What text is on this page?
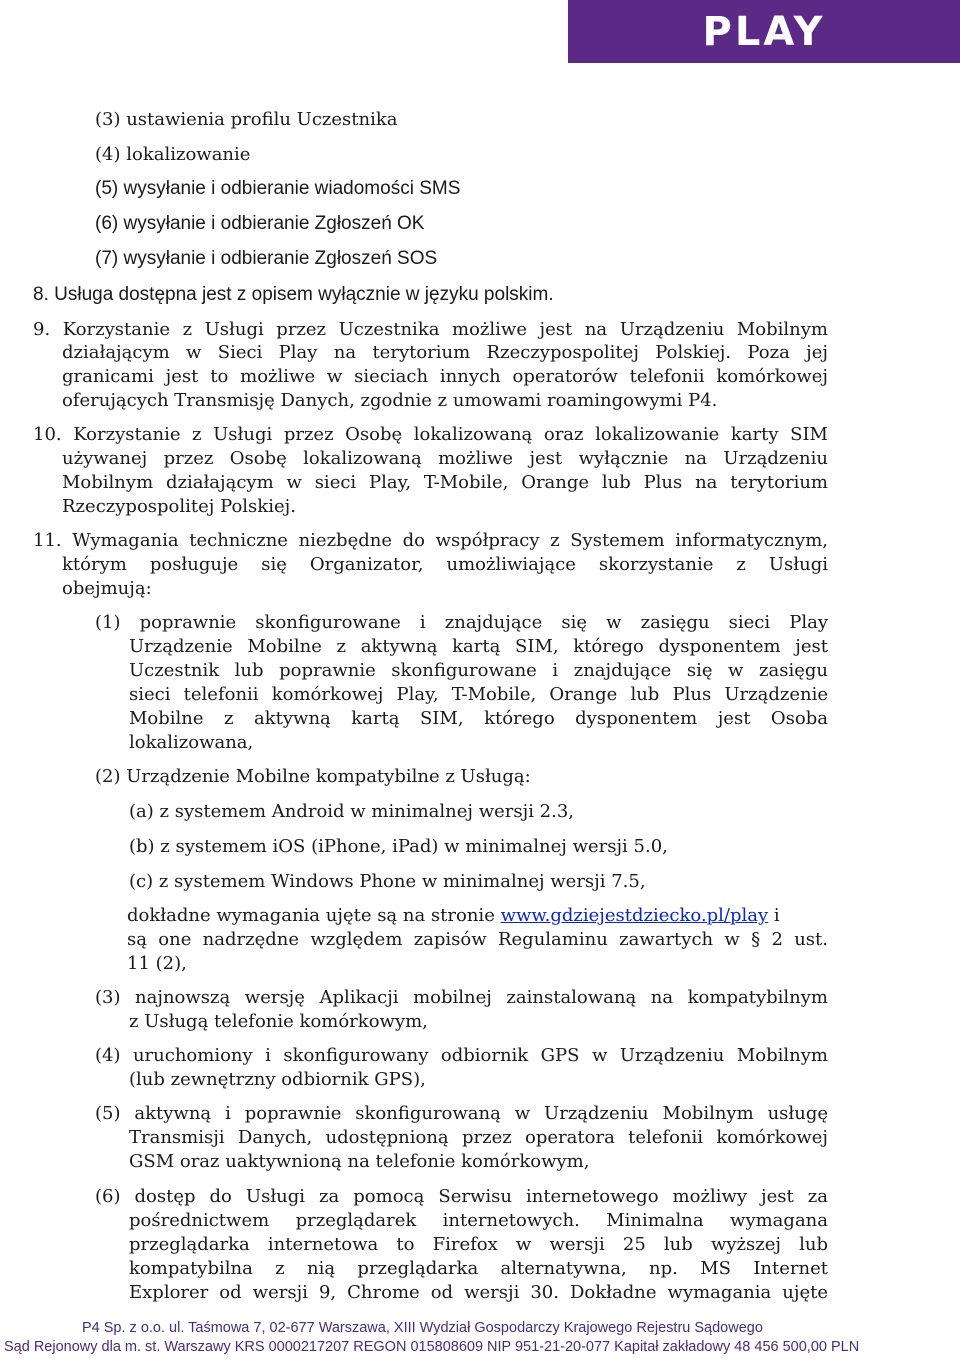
PLAY
(3) ustawienia profilu Uczestnika
(4) lokalizowanie
(5) wysyłanie i odbieranie wiadomości SMS
(6) wysyłanie i odbieranie Zgłoszeń OK
(7) wysyłanie i odbieranie Zgłoszeń SOS
8. Usługa dostępna jest z opisem wyłącznie w języku polskim.
9. Korzystanie z Usługi przez Uczestnika możliwe jest na Urządzeniu Mobilnym
działającym w Sieci Play na terytorium Rzeczypospolitej Polskiej. Poza jej
granicami jest to możliwe w sieciach innych operatorów telefonii komórkowej
oferujących Transmisję Danych, zgodnie z umowami roamingowymi P4.
10. Korzystanie z Usługi przez Osobę lokalizowaną oraz lokalizowanie karty SIM
używanej przez Osobę lokalizowaną możliwe jest wyłącznie na Urządzeniu
Mobilnym działającym w sieci Play, T-Mobile, Orange lub Plus na terytorium
Rzeczypospolitej Polskiej.
11. Wymagania techniczne niezbędne do współpracy z Systemem informatycznym,
którym posługuje się Organizator, umożliwiające skorzystanie z Usługi
obejmują:
(1) poprawnie skonfigurowane i znajdujące się w zasięgu sieci Play
Urządzenie Mobilne z aktywną kartą SIM, którego dysponentem jest
Uczestnik lub poprawnie skonfigurowane i znajdujące się w zasięgu
sieci telefonii komórkowej Play, T-Mobile, Orange lub Plus Urządzenie
Mobilne z aktywną kartą SIM, którego dysponentem jest Osoba
lokalizowana,
(2) Urządzenie Mobilne kompatybilne z Usługą:
(a) z systemem Android w minimalnej wersji 2.3,
(b) z systemem iOS (iPhone, iPad) w minimalnej wersji 5.0,
(c) z systemem Windows Phone w minimalnej wersji 7.5,
dokładne wymagania ujęte są na stronie www.gdziejestdziecko.pl/play i
są one nadrzędne względem zapisów Regulaminu zawartych w § 2 ust.
11 (2),
(3) najnowszą wersję Aplikacji mobilnej zainstalowaną na kompatybilnym
z Usługą telefonie komórkowym,
(4) uruchomiony i skonfigurowany odbiornik GPS w Urządzeniu Mobilnym
(lub zewnętrzny odbiornik GPS),
(5) aktywną i poprawnie skonfigurowaną w Urządzeniu Mobilnym usługę
Transmisji Danych, udostępnioną przez operatora telefonii komórkowej
GSM oraz uaktywnioną na telefonie komórkowym,
(6) dostęp do Usługi za pomocą Serwisu internetowego możliwy jest za
pośrednictwem przeglądarek internetowych. Minimalna wymagana
przeglądarka internetowa to Firefox w wersji 25 lub wyższej lub
kompatybilna z nią przeglądarka alternatywna, np. MS Internet
Explorer od wersji 9, Chrome od wersji 30. Dokładne wymagania ujęte
P4 Sp. z o.o. ul. Taśmowa 7, 02-677 Warszawa, XIII Wydział Gospodarczy Krajowego Rejestru Sądowego
Sąd Rejonowy dla m. st. Warszawy KRS 0000217207 REGON 015808609 NIP 951-21-20-077 Kapitał zakładowy 48 456 500,00 PLN
